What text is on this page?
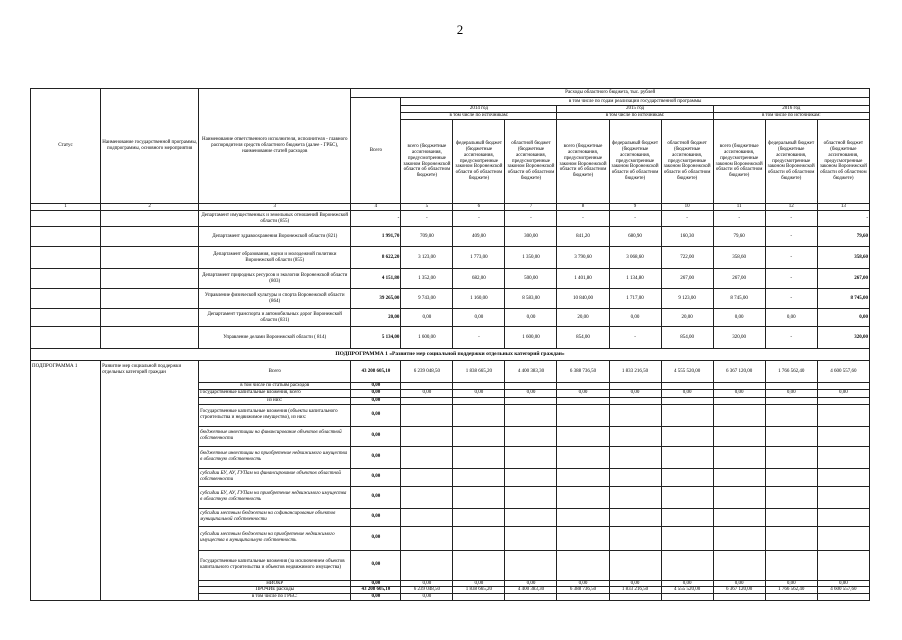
2
Статус	Наименование государственной программы, подпрограммы, основного мероприятия	Наименование ответственного исполнителя, исполнителя - главного распорядителя средств областного бюджета (далее - ГРБС), наименование статей расходов	Расходы областного бюджета, тыс. рублей									
			Всего	в том числе по годам реализации государственной программы								
				2014 год			2015 год			2016 год		
				в том числе по источникам:			в том числе по источникам:			в том числе по источникам:		
				всего (бюджетные ассигнования, предусмотренные законом Воронежской области об областном бюджете)	федеральный бюджет (бюджетные ассигнования, предусмотренные законом Воронежской области об областном бюджете)	областной бюджет (бюджетные ассигнования, предусмотренные законом Воронежской области об областном бюджете)	всего (бюджетные ассигнования, предусмотренные законом Воронежской области об областном бюджете)	федеральный бюджет (бюджетные ассигнования, предусмотренные законом Воронежской области об областном бюджете)	областной бюджет (бюджетные ассигнования, предусмотренные законом Воронежской области об областном бюджете)	всего (бюджетные ассигнования, предусмотренные законом Воронежской области об областном бюджете)	федеральный бюджет (бюджетные ассигнования, предусмотренные законом Воронежской области об областном бюджете)	областной бюджет (бюджетные ассигнования, предусмотренные законом Воронежской области об областном бюджете)
1	2	3	4	5	6	7	8	9	10	11	12	13
		Департамент имущественных и земельных отношений Воронежской области (855)	-	-	-	-	-	-	-	-	-	-
		Департамент здравоохранения Воронежской области (821)	1 991,70	709,00	409,00	300,00	841,20	680,90	160,30	79,60	-	79,60
		Департамент образования, науки и молодежной политики Воронежской области (855)	8 622,20	3 123,00	1 773,00	1 350,00	3 790,60	3 068,60	722,00	358,60	-	358,60
		Департамент природных ресурсов и экологии Воронежской области (803)	4 151,80	1 352,00	682,00	500,00	1 401,80	1 134,80	267,00	267,00	-	267,00
		Управление физической культуры и спорта Воронежской области (864)	39 265,00	9 743,00	1 160,00	8 583,00	10 840,00	1 717,00	9 123,00	8 745,00	-	8 745,00
		Департамент транспорта и автомобильных дорог Воронежской области (831)	20,00	0,00	0,00	0,00	20,00	0,00	20,00	0,00	0,00	0,00
		Управление делами Воронежской области ( 814)	5 134,00	1 600,00	-	1 600,00	854,00	-	854,00	320,00	-	320,00
ПОДПРОГРАММА 1 «Развитие мер социальной поддержки отдельных категорий граждан»												
ПОДПРОГРАММА 1	Развитие мер социальной поддержки отдельных категорий граждан	Всего	43 208 605,10	6 239 048,50	1 838 665,20	4 400 383,30	6 388 736,50	1 833 216,50	4 555 520,00	6 367 120,00	1 766 562,40	4 600 557,60
		в том числе по статьям расходов	0,00									
		Государственные капитальные вложения, всего	0,00	0,00	0,00	0,00	0,00	0,00	0,00	0,00	0,00	0,00
		из них:	0,00									
		Государственные капитальные вложения (объекты капитального строительства и недвижимое имущество), из них:	0,00									
		бюджетные инвестиции на финансирование объектов областной собственности	0,00									
		бюджетные инвестиции на приобретение недвижимого имущества в областную собственность	0,00									
		субсидии БУ, АУ, ГУПам на финансирование объектов областной собственности	0,00									
		субсидии БУ, АУ, ГУПам на приобретение недвижимого имущества в областную собственность	0,00									
		субсидии местным бюджетам на софинансирование объектов муниципальной собственности	0,00									
		субсидии местным бюджетам на приобретение недвижимого имущества в муниципальную собственность	0,00									
		Государственные капитальные вложения (за исключением объектов капитального строительства и объектов недвижимого имущества)	0,00									
		НИОКР	0,00	0,00	0,00	0,00	0,00	0,00	0,00	0,00	0,00	0,00
		ПРОЧИЕ расходы	43 208 605,10	6 239 048,50	1 838 665,20	4 400 383,30	6 388 736,50	1 833 216,50	4 555 520,00	6 367 120,00	1 766 562,40	4 600 557,60
		в том числе по ГРБС:	0,00	0,00								
